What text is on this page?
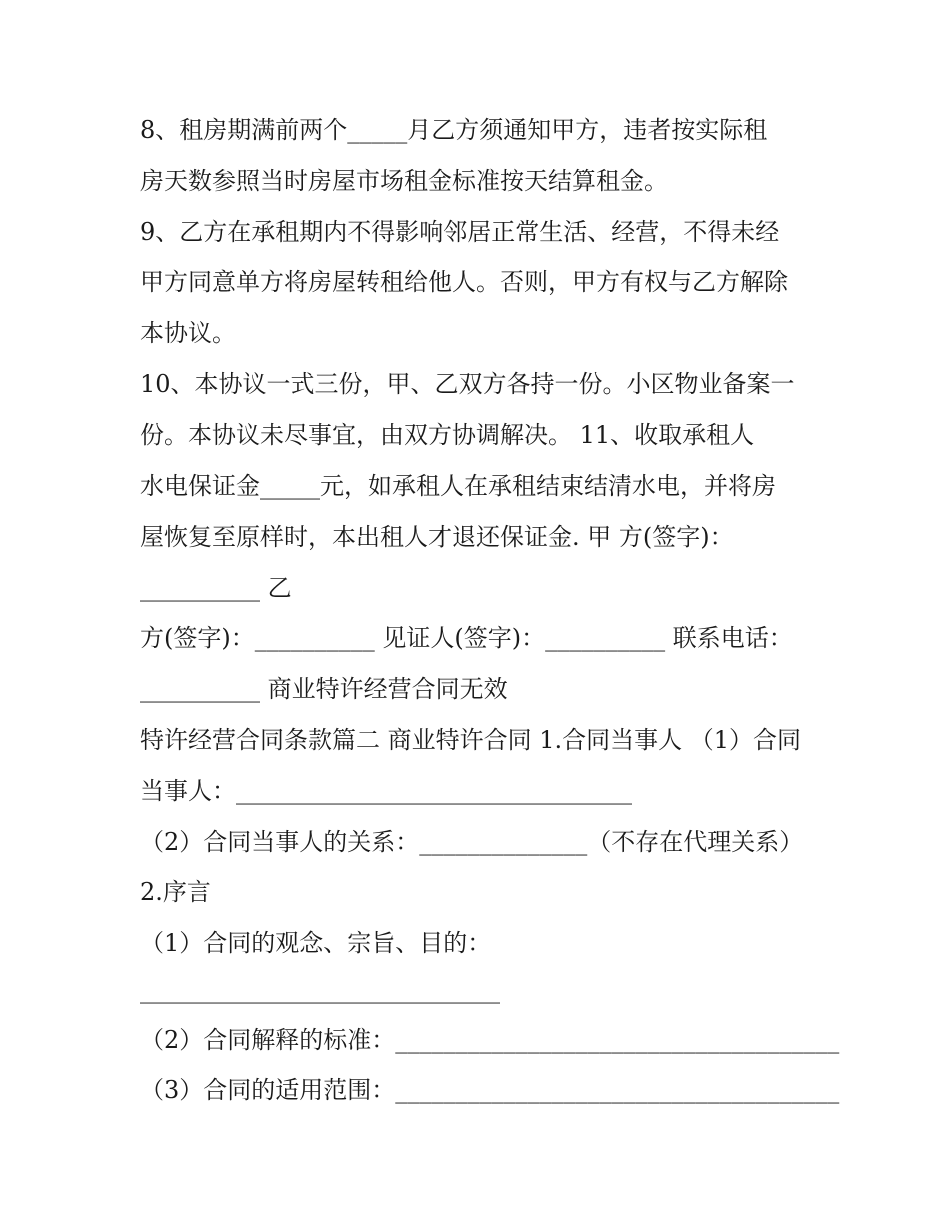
8、租房期满前两个_____月乙方须通知甲方，违者按实际租
房天数参照当时房屋市场租金标准按天结算租金。
9、乙方在承租期内不得影响邻居正常生活、经营，不得未经
甲方同意单方将房屋转租给他人。否则，甲方有权与乙方解除
本协议。
10、本协议一式三份，甲、乙双方各持一份。小区物业备案一
份。本协议未尽事宜，由双方协调解决。 11、收取承租人
水电保证金_____元，如承租人在承租结束结清水电，并将房
屋恢复至原样时，本出租人才退还保证金. 甲 方(签字)：
__________ 乙
方(签字)：__________ 见证人(签字)：__________ 联系电话：
__________ 商业特许经营合同无效
特许经营合同条款篇二 商业特许合同 1.合同当事人 （1）合同
当事人：_________________________________
（2）合同当事人的关系：______________（不存在代理关系）
2.序言
（1）合同的观念、宗旨、目的：
______________________________
（2）合同解释的标准：_____________________________________
（3）合同的适用范围：_____________________________________
